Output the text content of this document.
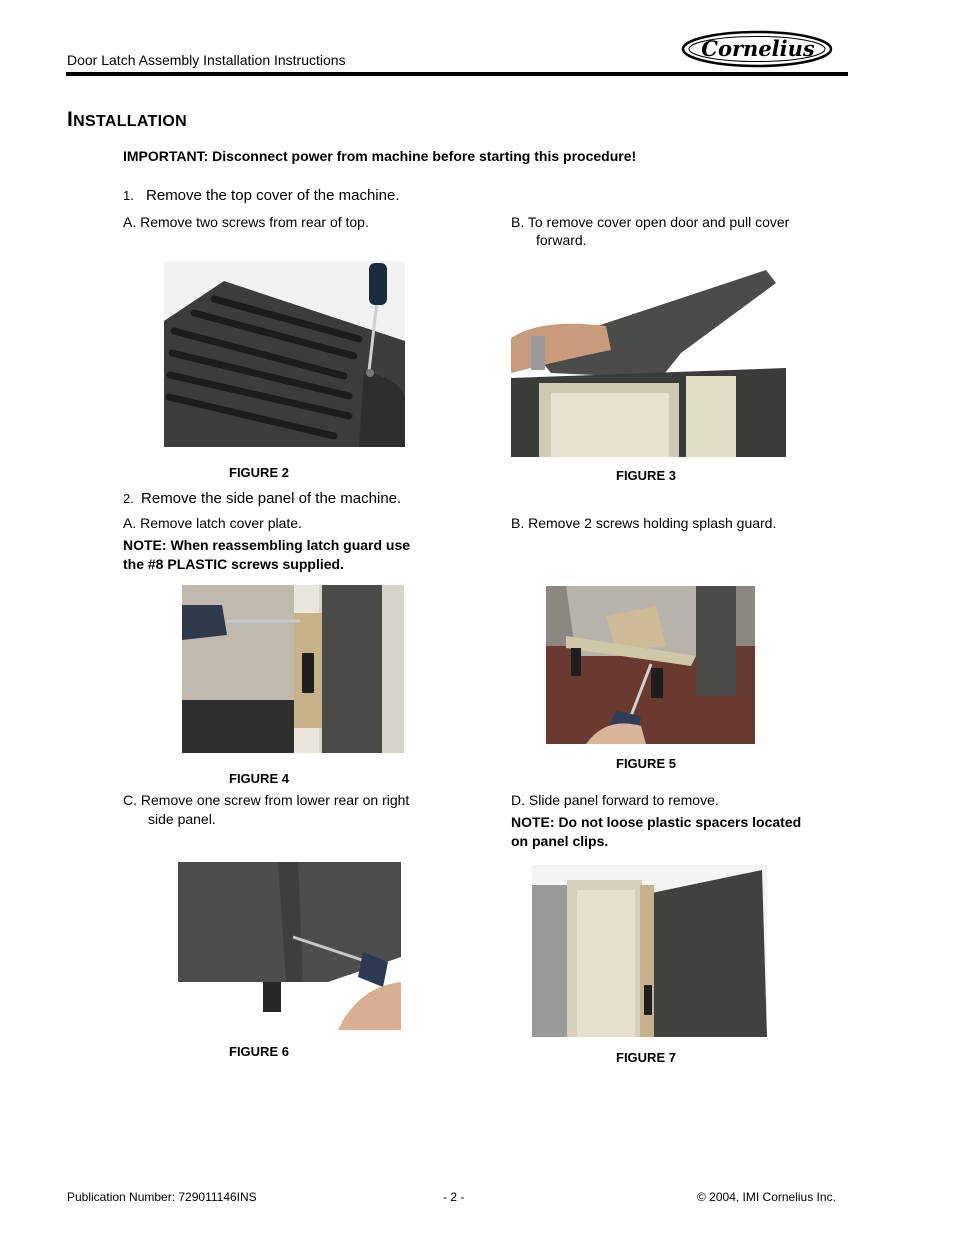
Door Latch Assembly Installation Instructions	Cornelius
INSTALLATION
IMPORTANT: Disconnect power from machine before starting this procedure!
1. Remove the top cover of the machine.
A. Remove two screws from rear of top.	B. To remove cover open door and pull cover
forward.
FIGURE 2	FIGURE 3
2. Remove the side panel of the machine.
A. Remove latch cover plate.
NOTE: When reassembling latch guard use
the #8 PLASTIC screws supplied.
B. Remove 2 screws holding splash guard.
FIGURE 4
FIGURE 5
C. Remove one screw from lower rear on right
side panel.
D. Slide panel forward to remove.
NOTE: Do not loose plastic spacers located
on panel clips.
FIGURE 6	FIGURE 7
Publication Number: 729011146INS	- 2 -	© 2004, IMI Cornelius Inc.
